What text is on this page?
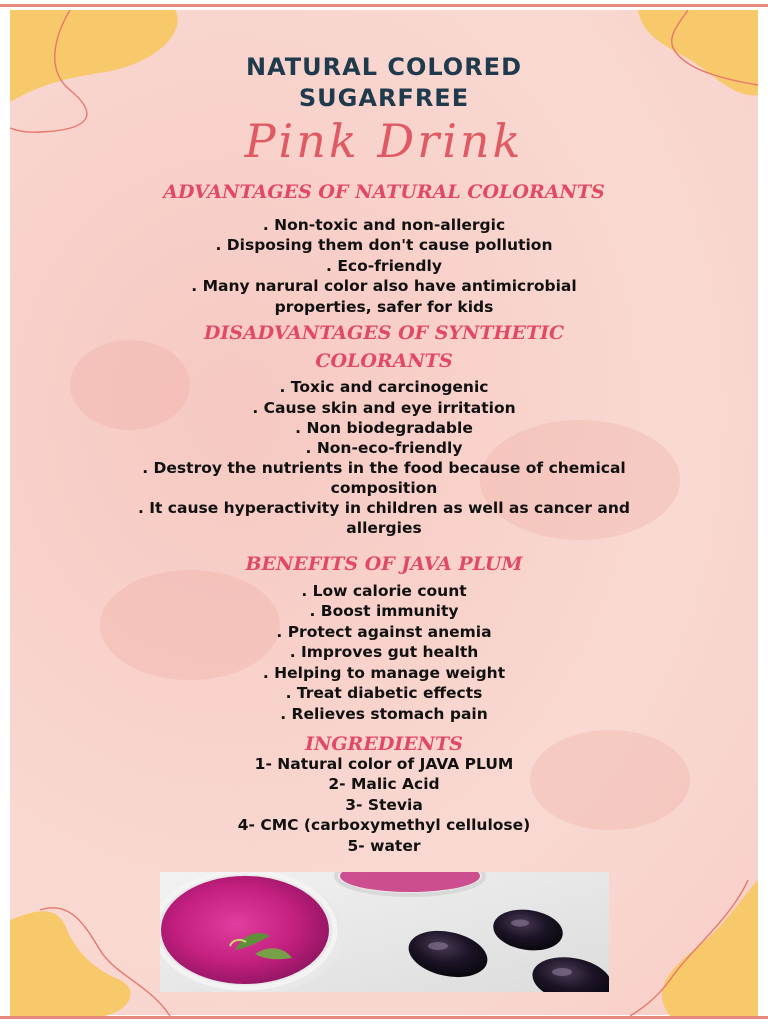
NATURAL COLORED
SUGARFREE
Pink Drink
ADVANTAGES OF NATURAL COLORANTS
. Non-toxic and non-allergic
. Disposing them don't cause pollution
. Eco-friendly
. Many narural color also have antimicrobial
properties, safer for kids
DISADVANTAGES OF SYNTHETIC
COLORANTS
. Toxic and carcinogenic
. Cause skin and eye irritation
. Non biodegradable
. Non-eco-friendly
. Destroy the nutrients in the food because of chemical
composition
. It cause hyperactivity in children as well as cancer and
allergies
BENEFITS OF JAVA PLUM
. Low calorie count
. Boost immunity
. Protect against anemia
. Improves gut health
. Helping to manage weight
. Treat diabetic effects
. Relieves stomach pain
INGREDIENTS
1- Natural color of JAVA PLUM
2- Malic Acid
3- Stevia
4- CMC (carboxymethyl cellulose)
5- water
